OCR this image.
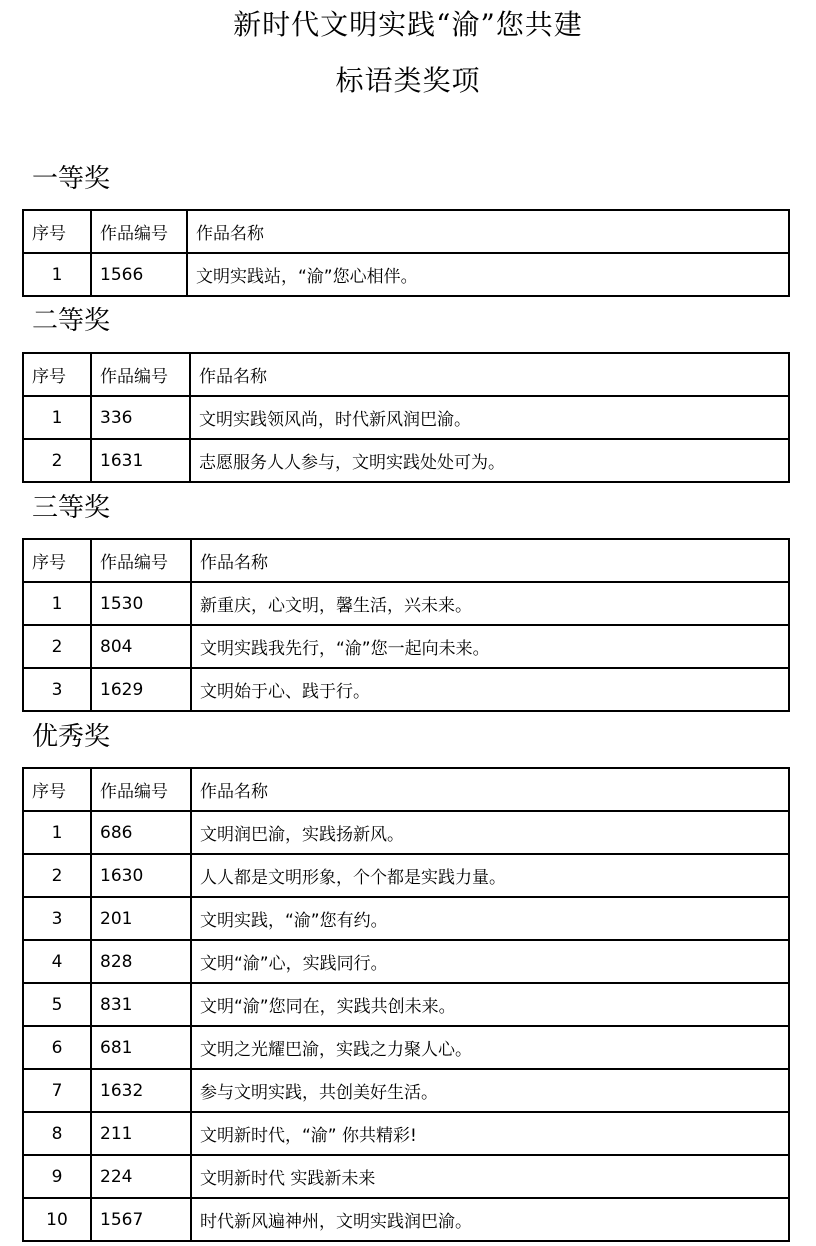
新时代文明实践“渝”您共建
标语类奖项
一等奖
序号	作品编号	作品名称
1	1566	文明实践站，“渝”您心相伴。
二等奖
序号	作品编号	作品名称
1	336	文明实践领风尚，时代新风润巴渝。
2	1631	志愿服务人人参与，文明实践处处可为。
三等奖
序号	作品编号	作品名称
1	1530	新重庆，心文明，馨生活，兴未来。
2	804	文明实践我先行，“渝”您一起向未来。
3	1629	文明始于心、践于行。
优秀奖
序号	作品编号	作品名称
1	686	文明润巴渝，实践扬新风。
2	1630	人人都是文明形象，个个都是实践力量。
3	201	文明实践，“渝”您有约。
4	828	文明“渝”心，实践同行。
5	831	文明“渝”您同在，实践共创未来。
6	681	文明之光耀巴渝，实践之力聚人心。
7	1632	参与文明实践，共创美好生活。
8	211	文明新时代，“渝” 你共精彩!
9	224	文明新时代 实践新未来
10	1567	时代新风遍神州，文明实践润巴渝。
